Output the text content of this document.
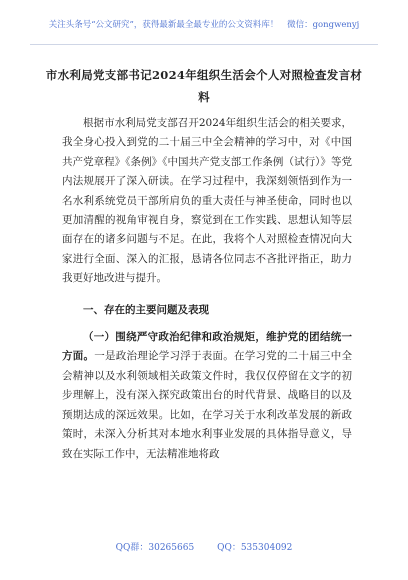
关注头条号“公文研究”，获得最新最全最专业的公文资料库！ 微信：gongwenyj
市水利局党支部书记2024年组织生活会个人对照检查发言材料

根据市水利局党支部召开2024年组织生活会的相关要求，我全身心投入到党的二十届三中全会精神的学习中，对《中国共产党章程》《条例》《中国共产党支部工作条例（试行）》等党内法规展开了深入研读。在学习过程中，我深刻领悟到作为一名水利系统党员干部所肩负的重大责任与神圣使命，同时也以更加清醒的视角审视自身，察觉到在工作实践、思想认知等层面存在的诸多问题与不足。在此，我将个人对照检查情况向大家进行全面、深入的汇报，恳请各位同志不吝批评指正，助力我更好地改进与提升。

一、存在的主要问题及表现

（一）围绕严守政治纪律和政治规矩，维护党的团结统一方面。一是政治理论学习浮于表面。在学习党的二十届三中全会精神以及水利领域相关政策文件时，我仅仅停留在文字的初步理解上，没有深入探究政策出台的时代背景、战略目的以及预期达成的深远效果。比如，在学习关于水利改革发展的新政策时，未深入分析其对本地水利事业发展的具体指导意义，导致在实际工作中，无法精准地将政

QQ群：30265665	QQ：535304092
